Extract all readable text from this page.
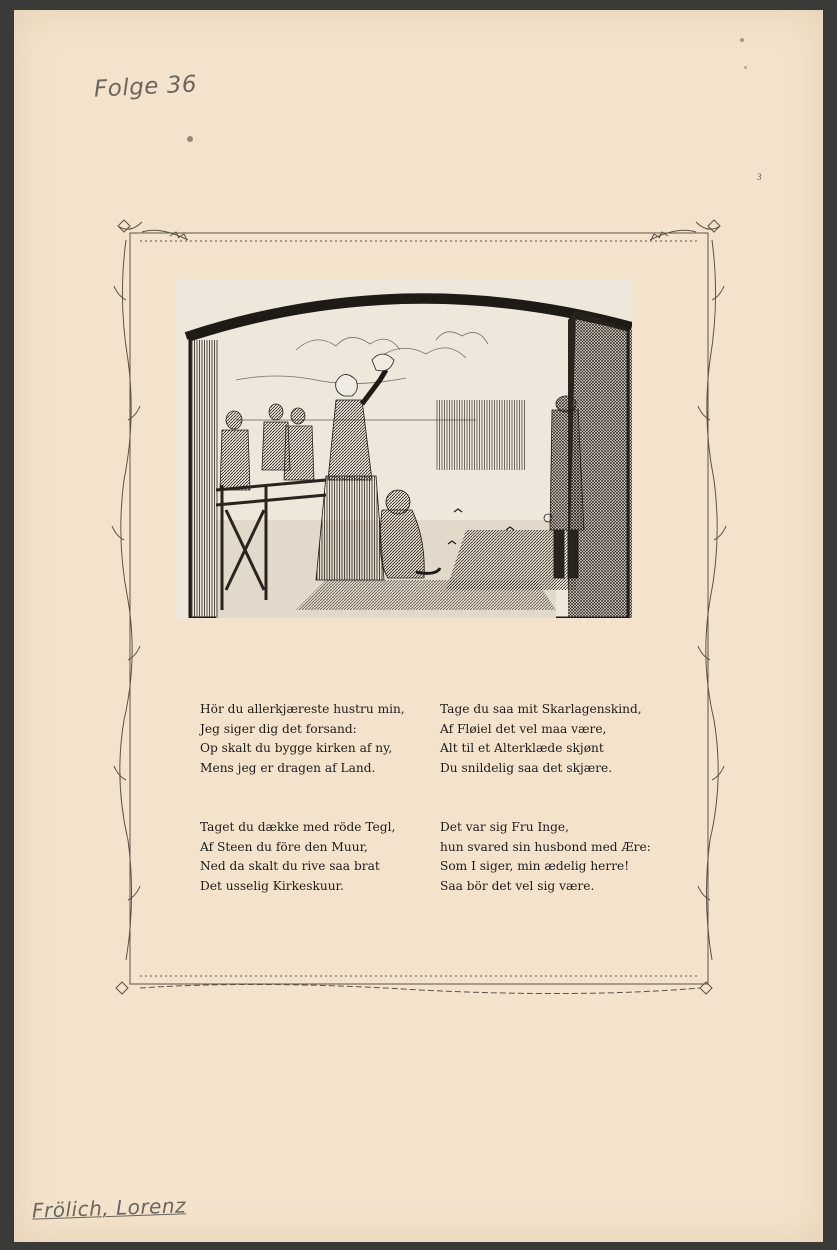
Folge 36
3
Hör du allerkjæreste hustru min,
Jeg siger dig det forsand:
Op skalt du bygge kirken af ny,
Mens jeg er dragen af Land.
Tage du saa mit Skarlagenskind,
Af Fløiel det vel maa være,
Alt til et Alterklæde skjønt
Du snildelig saa det skjære.
Taget du dække med röde Tegl,
Af Steen du före den Muur,
Ned da skalt du rive saa brat
Det usselig Kirkeskuur.
Det var sig Fru Inge,
hun svared sin husbond med Ære:
Som I siger, min ædelig herre!
Saa bör det vel sig være.
Frölich, Lorenz
